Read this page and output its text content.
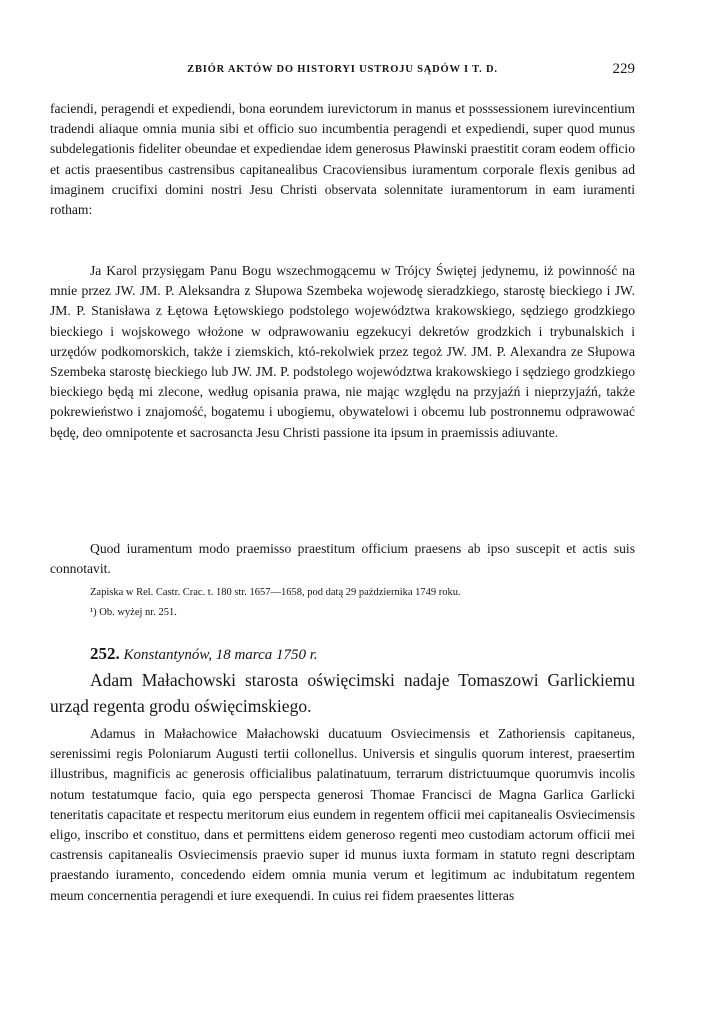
ZBIÓR AKTÓW DO HISTORYI USTROJU SĄDÓW I T. D.	229

faciendi, peragendi et expediendi, bona eorundem iurevictorum in manus et posssessionem iurevincentium tradendi aliaque omnia munia sibi et officio suo incumbentia peragendi et expediendi, super quod munus subdelegationis fideliter obeundae et expediendae idem generosus Pławinski praestitit coram eodem officio et actis praesentibus castrensibus capitanealibus Cracoviensibus iuramentum corporale flexis genibus ad imaginem crucifixi domini nostri Jesu Christi observata solennitate iuramentorum in eam iuramenti rotham:

Ja Karol przysięgam Panu Bogu wszechmogącemu w Trójcy Świętej jedynemu, iż powinność na mnie przez JW. JM. P. Aleksandra z Słupowa Szembeka wojewodę sieradzkiego, starostę bieckiego i JW. JM. P. Stanisława z Łętowa Łętowskiego podstolego województwa krakowskiego, sędziego grodzkiego bieckiego i wojskowego włożone w odprawowaniu egzekucyi dekretów grodzkich i trybunalskich i urzędów podkomorskich, także i ziemskich, któ-rekolwiek przez tegoż JW. JM. P. Alexandra ze Słupowa Szembeka starostę bieckiego lub JW. JM. P. podstolego województwa krakowskiego i sędziego grodzkiego bieckiego będą mi zlecone, według opisania prawa, nie mając względu na przyjaźń i nieprzyjaźń, także pokrewieństwo i znajomość, bogatemu i ubogiemu, obywatelowi i obcemu lub postronnemu odprawować będę, deo omnipotente et sacrosancta Jesu Christi passione ita ipsum in praemissis adiuvante.

Quod iuramentum modo praemisso praestitum officium praesens ab ipso suscepit et actis suis connotavit.

Zapiska w Rel. Castr. Crac. t. 180 str. 1657—1658, pod datą 29 października 1749 roku.

¹) Ob. wyżej nr. 251.

252. Konstantynów, 18 marca 1750 r.

Adam Małachowski starosta oświęcimski nadaje Tomaszowi Garlickiemu urząd regenta grodu oświęcimskiego.

Adamus in Małachowice Małachowski ducatuum Osviecimensis et Zathoriensis capitaneus, serenissimi regis Poloniarum Augusti tertii collonellus. Universis et singulis quorum interest, praesertim illustribus, magnificis ac generosis officialibus palatinatuum, terrarum districtuumque quorumvis incolis notum testatumque facio, quia ego perspecta generosi Thomae Francisci de Magna Garlica Garlicki teneritatis capacitate et respectu meritorum eius eundem in regentem officii mei capitanealis Osviecimensis eligo, inscribo et constituo, dans et permittens eidem generoso regenti meo custodiam actorum officii mei castrensis capitanealis Osviecimensis praevio super id munus iuxta formam in statuto regni descriptam praestando iuramento, concedendo eidem omnia munia verum et legitimum ac indubitatum regentem meum concernentia peragendi et iure exequendi. In cuius rei fidem praesentes litteras
